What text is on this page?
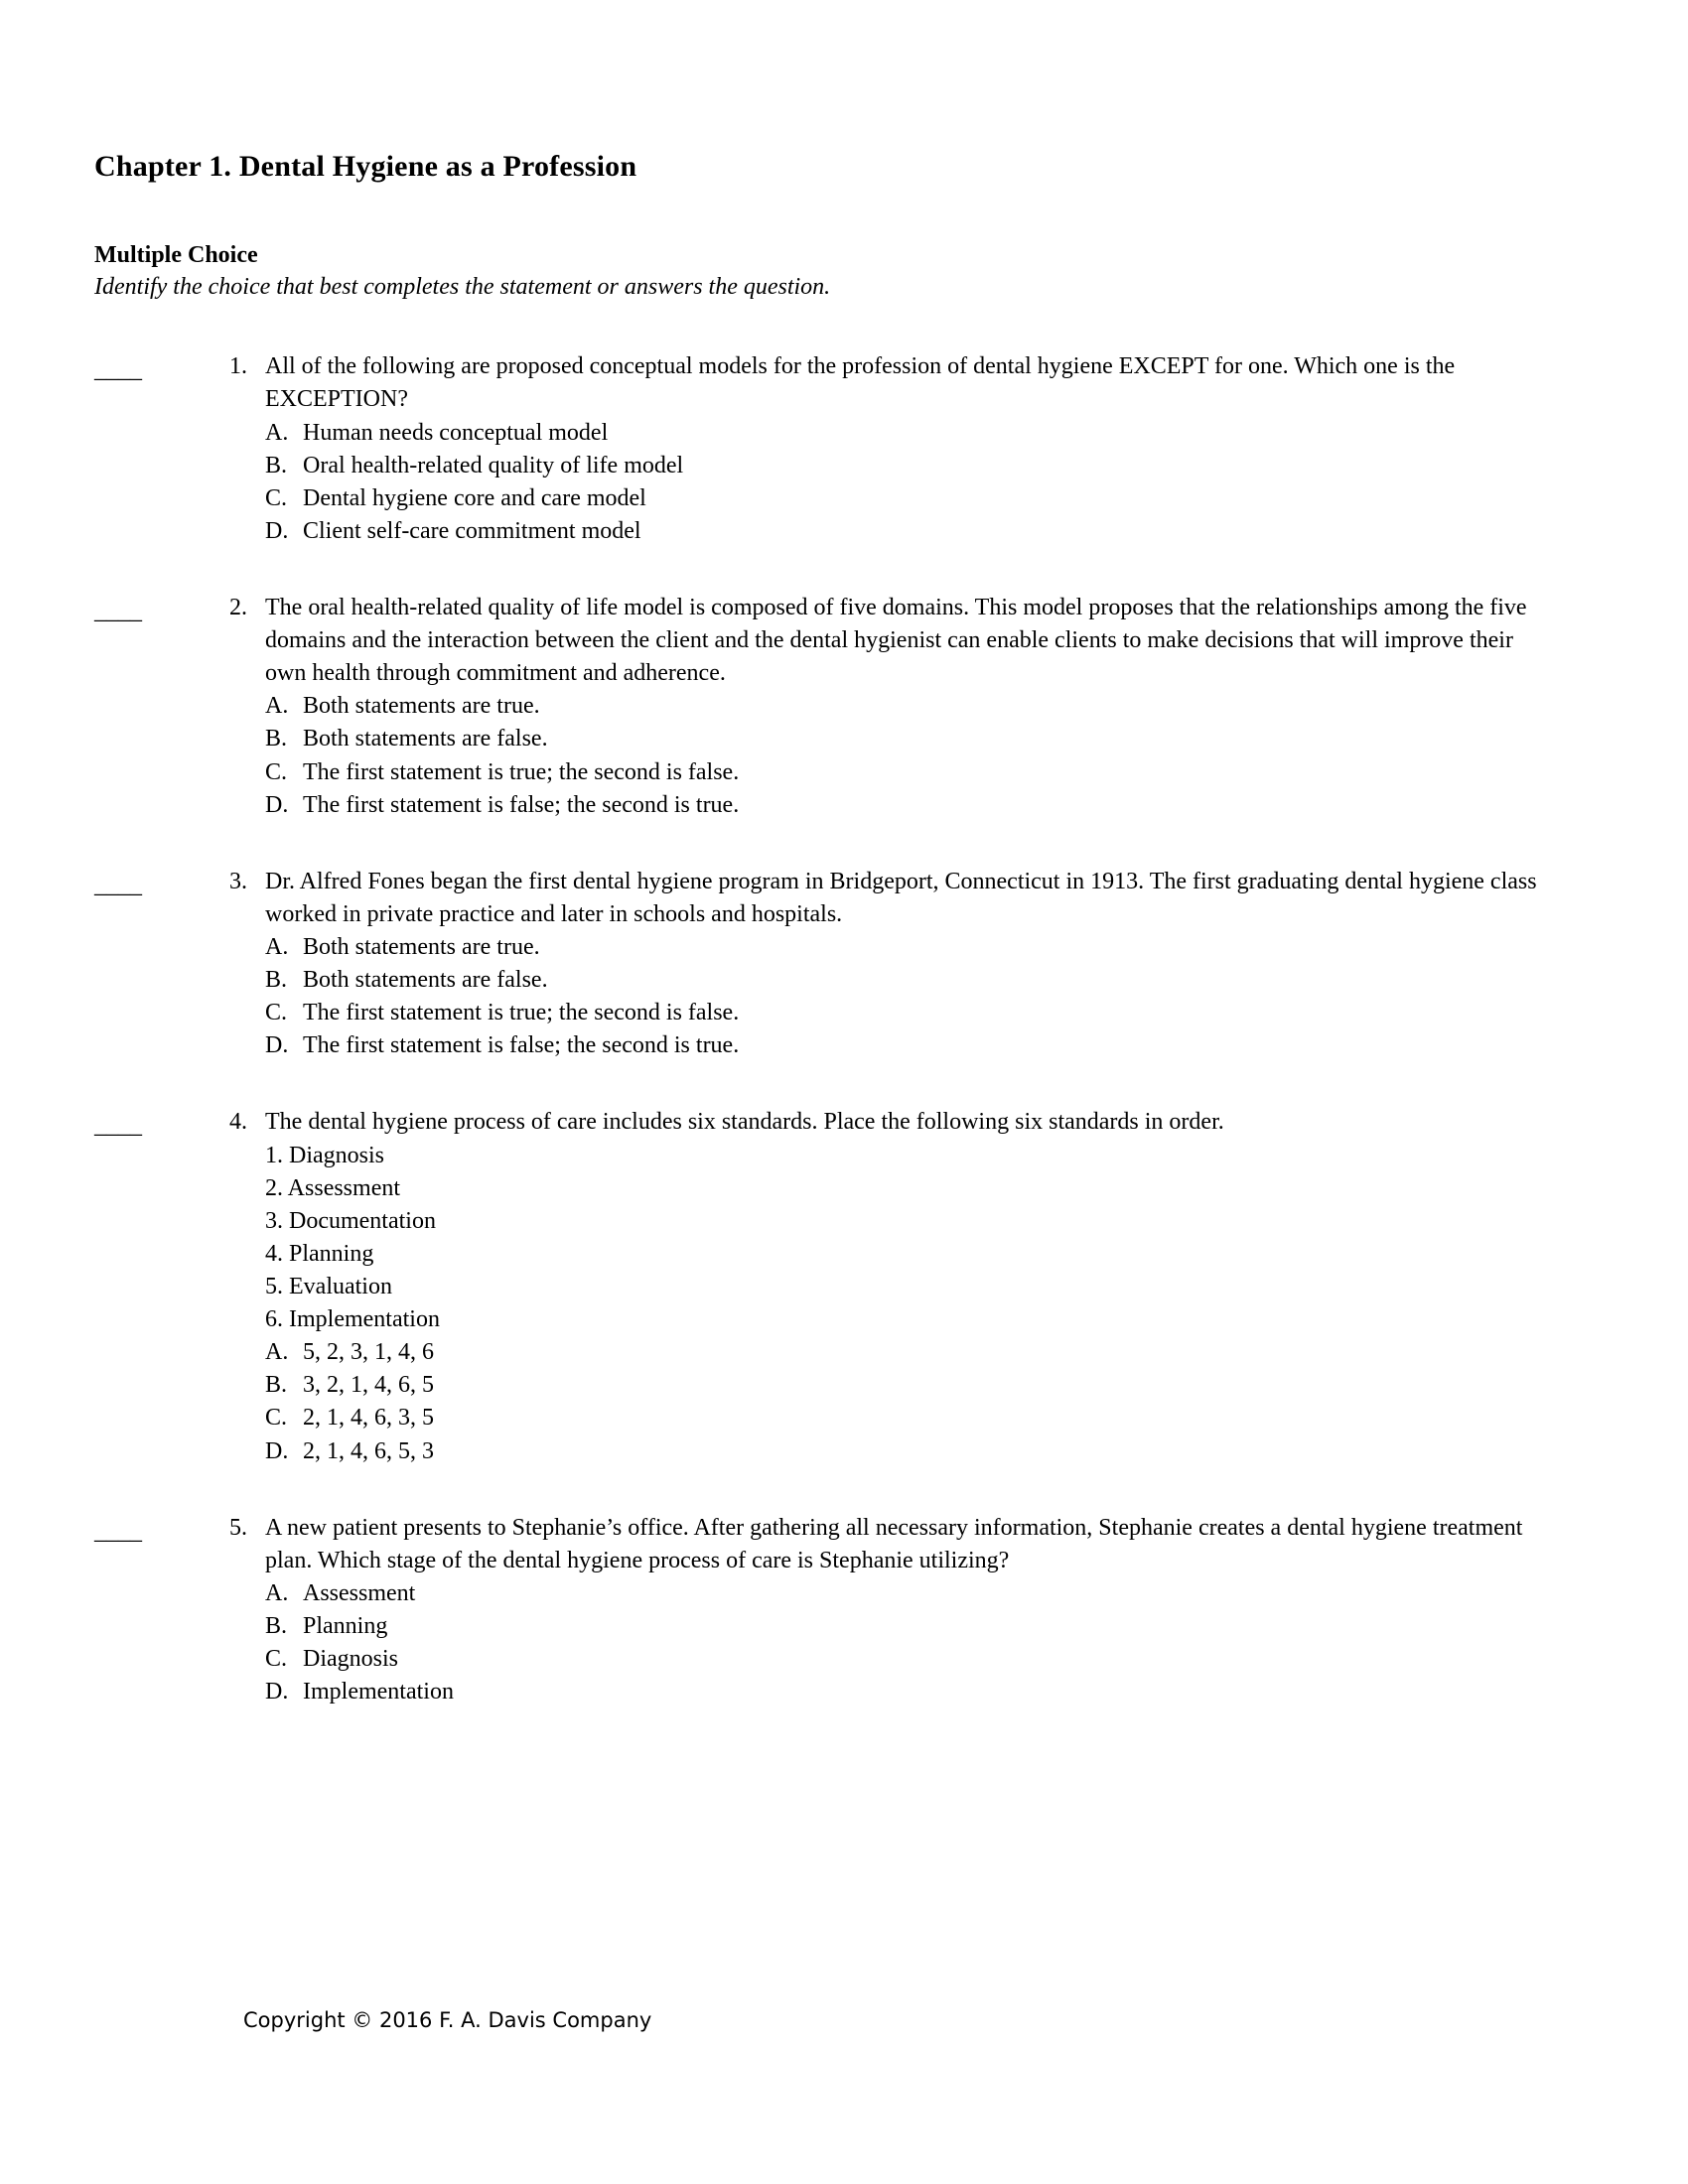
Chapter 1. Dental Hygiene as a Profession
Multiple Choice
Identify the choice that best completes the statement or answers the question.
____	1. All of the following are proposed conceptual models for the profession of dental hygiene EXCEPT for one. Which one is the EXCEPTION?

A. Human needs conceptual model
B. Oral health-related quality of life model
C. Dental hygiene core and care model
D. Client self-care commitment model
____	2. The oral health-related quality of life model is composed of five domains. This model proposes that the relationships among the five domains and the interaction between the client and the dental hygienist can enable clients to make decisions that will improve their own health through commitment and adherence.

A. Both statements are true.
B. Both statements are false.
C. The first statement is true; the second is false.
D. The first statement is false; the second is true.
____	3. Dr. Alfred Fones began the first dental hygiene program in Bridgeport, Connecticut in 1913. The first graduating dental hygiene class worked in private practice and later in schools and hospitals.

A. Both statements are true.
B. Both statements are false.
C. The first statement is true; the second is false.
D. The first statement is false; the second is true.
____	4. The dental hygiene process of care includes six standards. Place the following six standards in order.

1. Diagnosis
2. Assessment
3. Documentation
4. Planning
5. Evaluation
6. Implementation
A. 5, 2, 3, 1, 4, 6
B. 3, 2, 1, 4, 6, 5
C. 2, 1, 4, 6, 3, 5
D. 2, 1, 4, 6, 5, 3
____	5. A new patient presents to Stephanie’s office. After gathering all necessary information, Stephanie creates a dental hygiene treatment plan. Which stage of the dental hygiene process of care is Stephanie utilizing?

A. Assessment
B. Planning
C. Diagnosis
D. Implementation
Copyright © 2016 F. A. Davis Company
